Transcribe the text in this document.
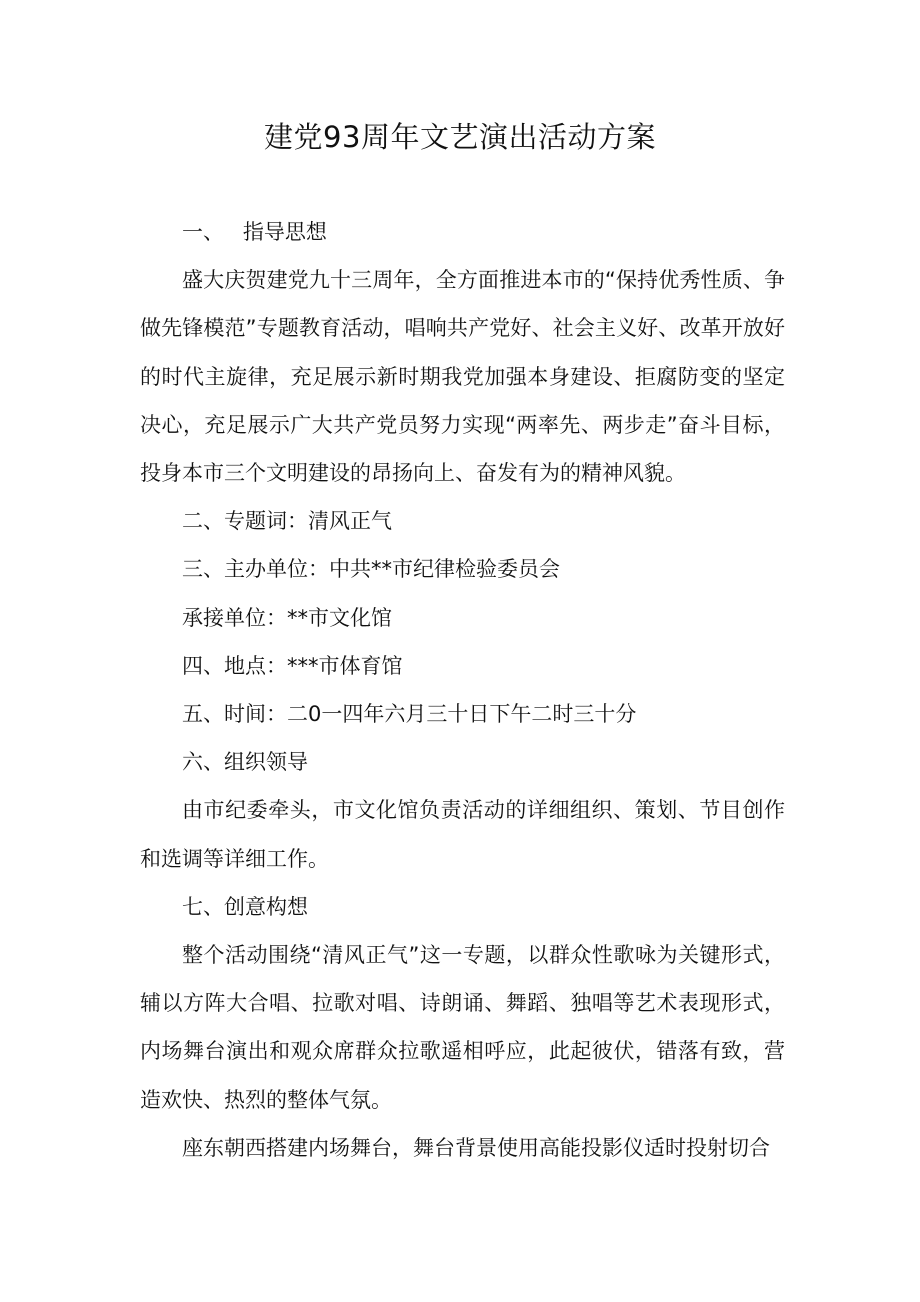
建党93周年文艺演出活动方案

一、 指导思想

盛大庆贺建党九十三周年，全方面推进本市的“保持优秀性质、争做先锋模范”专题教育活动，唱响共产党好、社会主义好、改革开放好的时代主旋律，充足展示新时期我党加强本身建设、拒腐防变的坚定决心，充足展示广大共产党员努力实现“两率先、两步走”奋斗目标，投身本市三个文明建设的昂扬向上、奋发有为的精神风貌。

二、专题词：清风正气

三、主办单位：中共**市纪律检验委员会

承接单位：**市文化馆

四、地点：***市体育馆

五、时间：二0一四年六月三十日下午二时三十分

六、组织领导

由市纪委牵头，市文化馆负责活动的详细组织、策划、节目创作和选调等详细工作。

七、创意构想

整个活动围绕“清风正气”这一专题，以群众性歌咏为关键形式，辅以方阵大合唱、拉歌对唱、诗朗诵、舞蹈、独唱等艺术表现形式，内场舞台演出和观众席群众拉歌遥相呼应，此起彼伏，错落有致，营造欢快、热烈的整体气氛。

座东朝西搭建内场舞台，舞台背景使用高能投影仪适时投射切合
